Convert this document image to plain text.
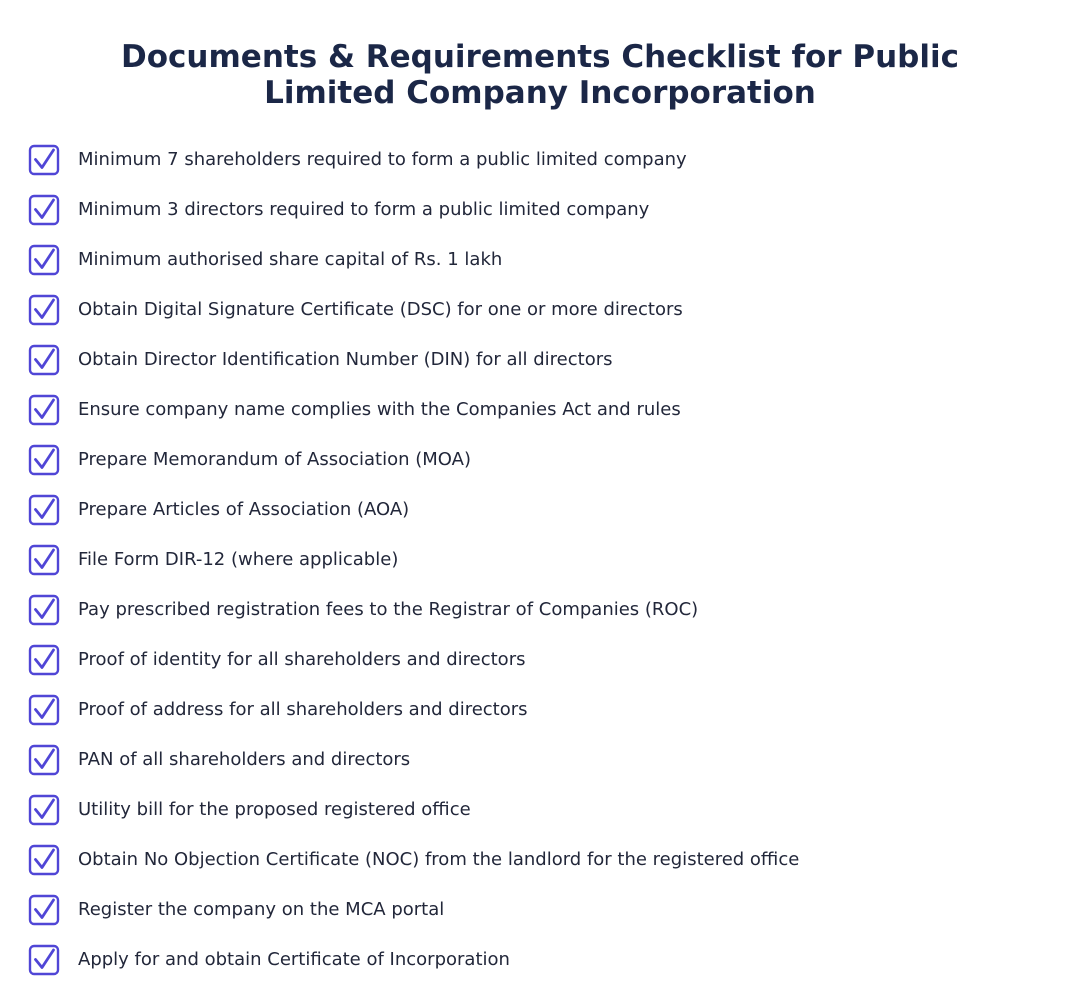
Documents & Requirements Checklist for Public
Limited Company Incorporation
Minimum 7 shareholders required to form a public limited company
Minimum 3 directors required to form a public limited company
Minimum authorised share capital of Rs. 1 lakh
Obtain Digital Signature Certificate (DSC) for one or more directors
Obtain Director Identification Number (DIN) for all directors
Ensure company name complies with the Companies Act and rules
Prepare Memorandum of Association (MOA)
Prepare Articles of Association (AOA)
File Form DIR-12 (where applicable)
Pay prescribed registration fees to the Registrar of Companies (ROC)
Proof of identity for all shareholders and directors
Proof of address for all shareholders and directors
PAN of all shareholders and directors
Utility bill for the proposed registered office
Obtain No Objection Certificate (NOC) from the landlord for the registered office
Register the company on the MCA portal
Apply for and obtain Certificate of Incorporation
